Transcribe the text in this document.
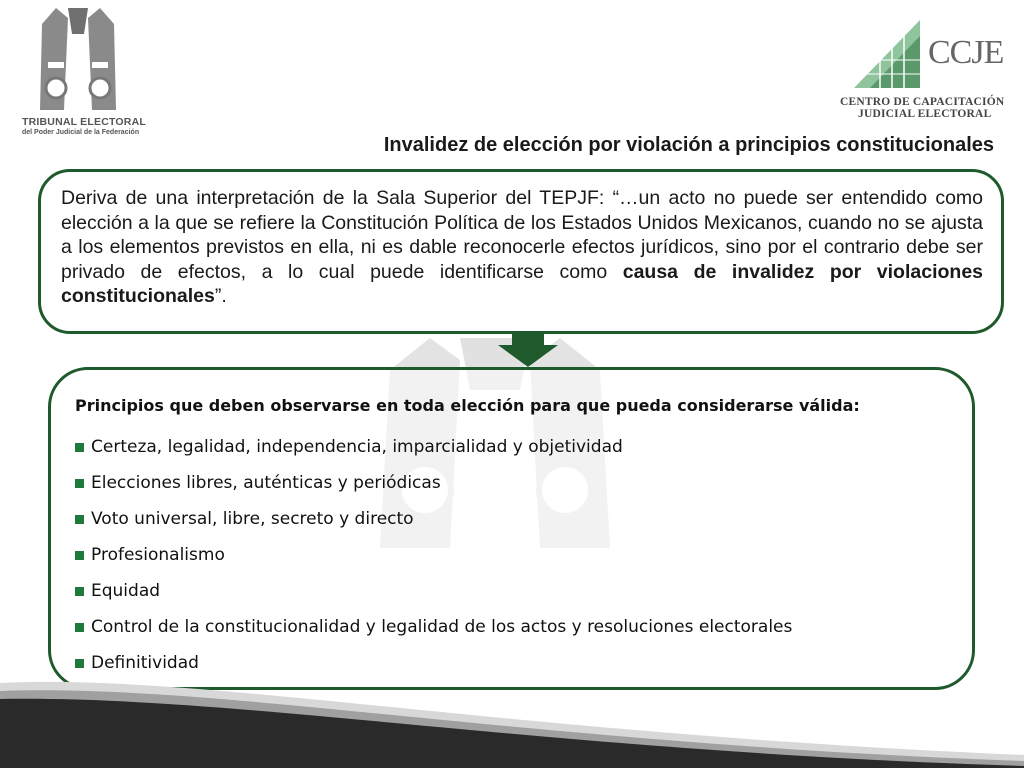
TRIBUNAL ELECTORAL
del Poder Judicial de la Federación
CCJE
CENTRO DE CAPACITACIÓN
JUDICIAL ELECTORAL
Invalidez de elección por violación a principios constitucionales

Deriva de una interpretación de la Sala Superior del TEPJF: “…un acto no puede ser entendido como elección a la que se refiere la Constitución Política de los Estados Unidos Mexicanos, cuando no se ajusta a los elementos previstos en ella, ni es dable reconocerle efectos jurídicos, sino por el contrario debe ser privado de efectos, a lo cual puede identificarse como causa de invalidez por violaciones constitucionales”.

Principios que deben observarse en toda elección para que pueda considerarse válida:
Certeza, legalidad, independencia, imparcialidad y objetividad
Elecciones libres, auténticas y periódicas
Voto universal, libre, secreto y directo
Profesionalismo
Equidad
Control de la constitucionalidad y legalidad de los actos y resoluciones electorales
Definitividad
